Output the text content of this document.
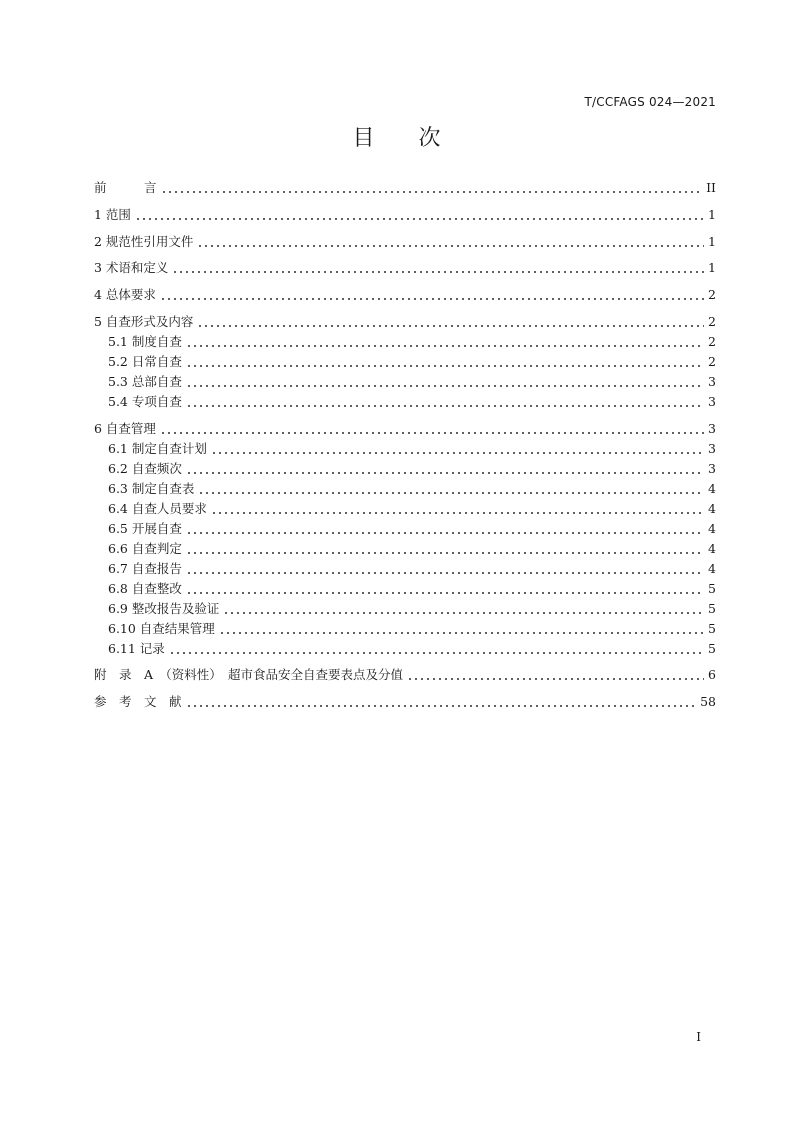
T/CCFAGS 024—2021
目　　次
前　　　言	II
1 范围	1
2 规范性引用文件	1
3 术语和定义	1
4 总体要求	2
5 自查形式及内容	2
5.1 制度自查	2
5.2 日常自查	2
5.3 总部自查	3
5.4 专项自查	3
6 自查管理	3
6.1 制定自查计划	3
6.2 自查频次	3
6.3 制定自查表	4
6.4 自查人员要求	4
6.5 开展自查	4
6.6 自查判定	4
6.7 自查报告	4
6.8 自查整改	5
6.9 整改报告及验证	5
6.10 自查结果管理	5
6.11 记录	5
附　录　A　（资料性）　超市食品安全自查要表点及分值	6
参　考　文　献	58
I
